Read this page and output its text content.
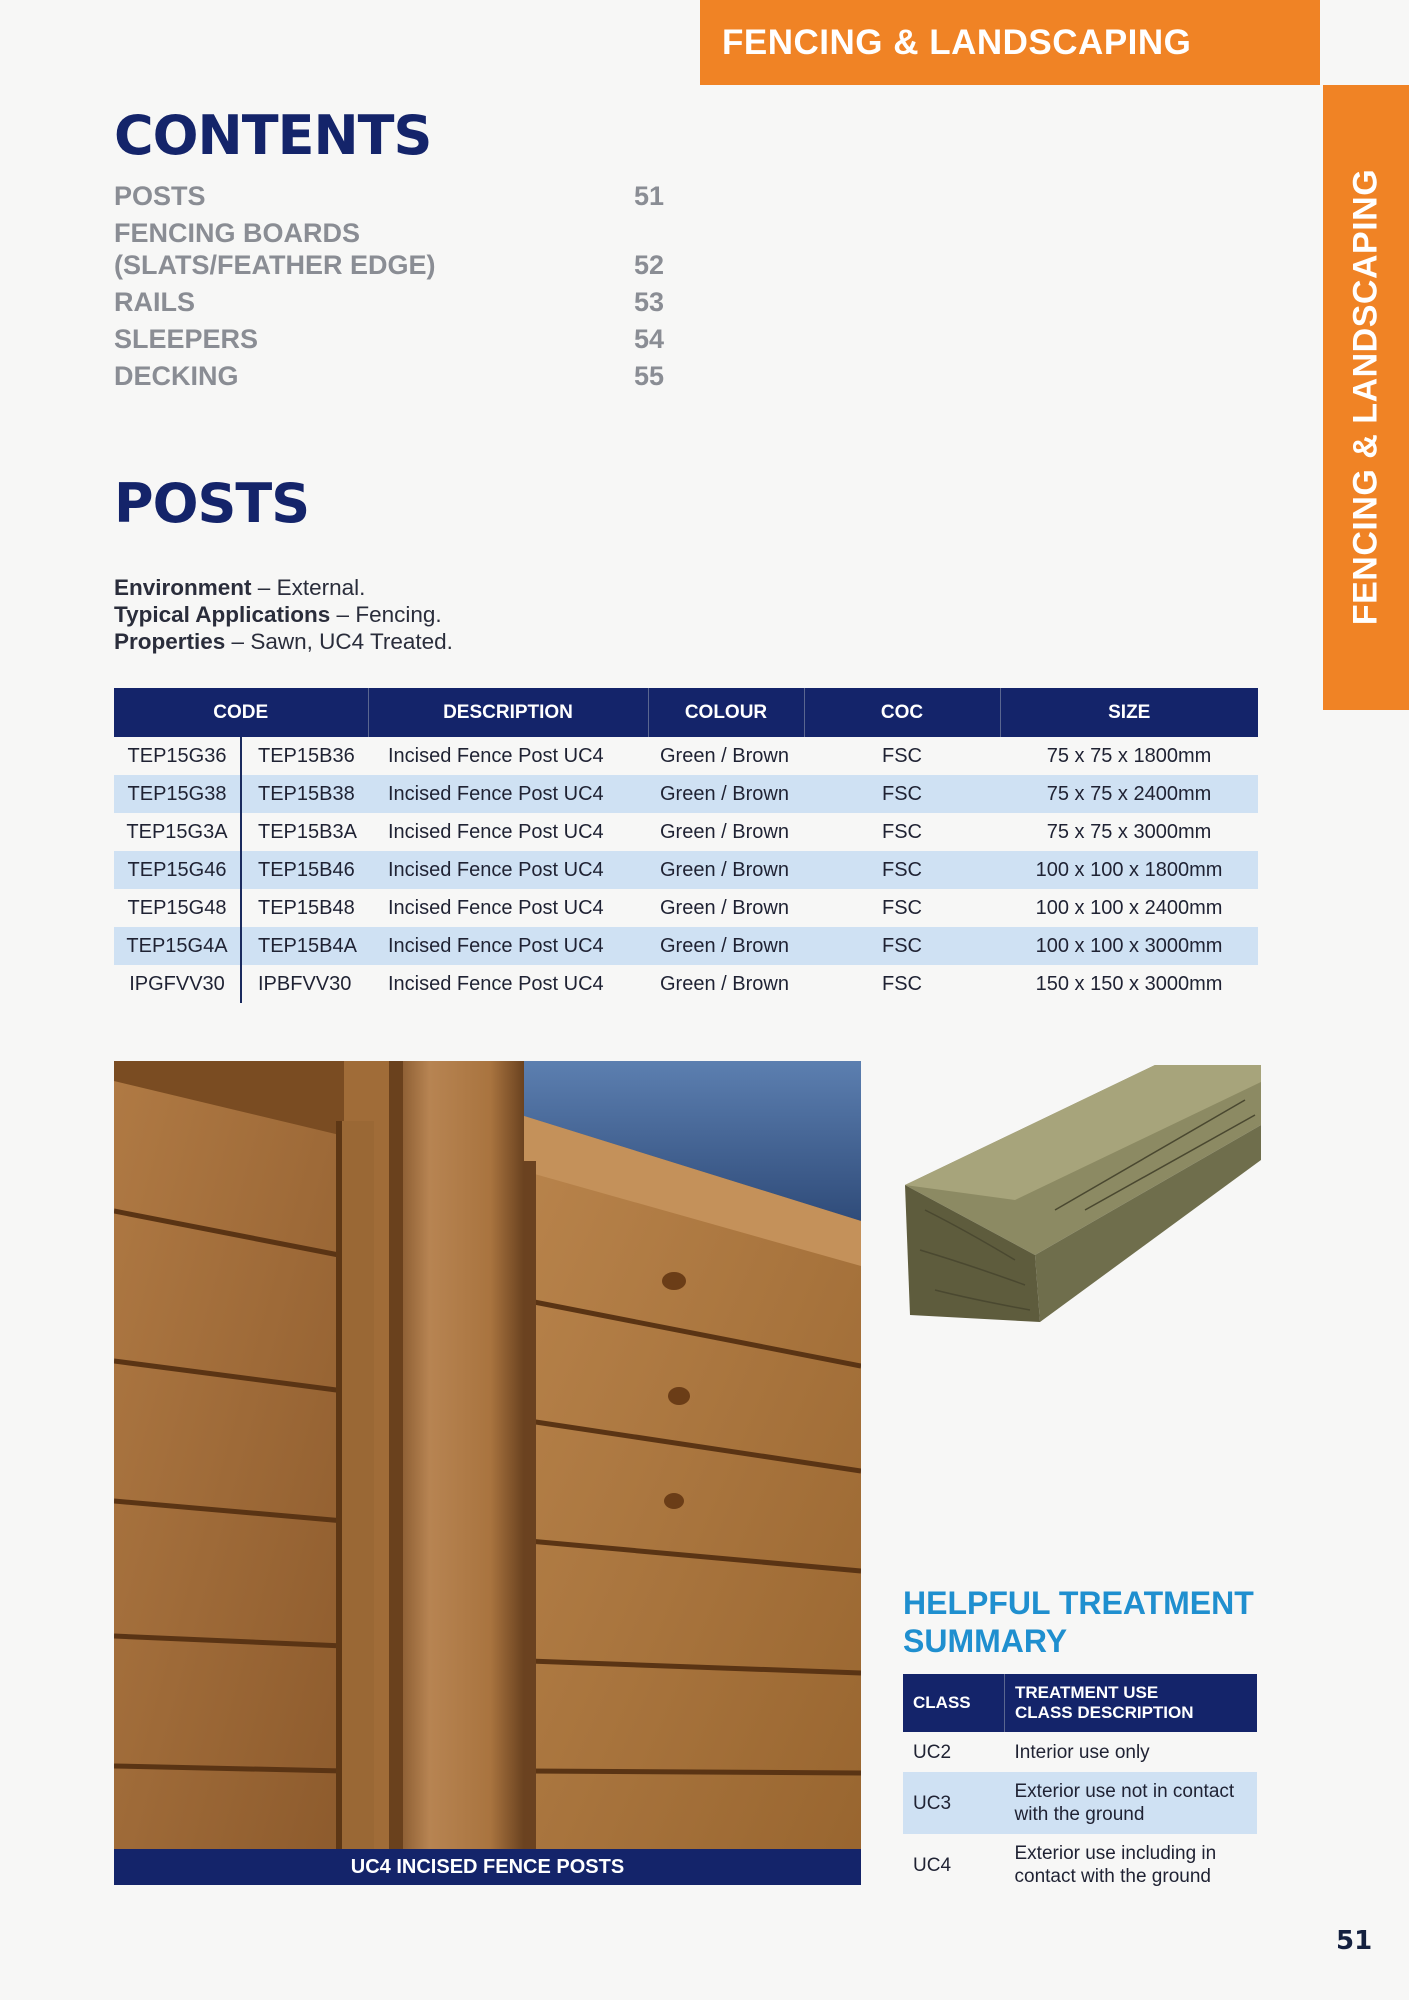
FENCING & LANDSCAPING
FENCING & LANDSCAPING
CONTENTS
POSTS	51
FENCING BOARDS
(SLATS/FEATHER EDGE)	52
RAILS	53
SLEEPERS	54
DECKING	55
POSTS
Environment – External.
Typical Applications – Fencing.
Properties – Sawn, UC4 Treated.
CODE		DESCRIPTION	COLOUR	COC	SIZE
TEP15G36	TEP15B36	Incised Fence Post UC4	Green / Brown	FSC	75 x 75 x 1800mm
TEP15G38	TEP15B38	Incised Fence Post UC4	Green / Brown	FSC	75 x 75 x 2400mm
TEP15G3A	TEP15B3A	Incised Fence Post UC4	Green / Brown	FSC	75 x 75 x 3000mm
TEP15G46	TEP15B46	Incised Fence Post UC4	Green / Brown	FSC	100 x 100 x 1800mm
TEP15G48	TEP15B48	Incised Fence Post UC4	Green / Brown	FSC	100 x 100 x 2400mm
TEP15G4A	TEP15B4A	Incised Fence Post UC4	Green / Brown	FSC	100 x 100 x 3000mm
IPGFVV30	IPBFVV30	Incised Fence Post UC4	Green / Brown	FSC	150 x 150 x 3000mm
UC4 INCISED FENCE POSTS
HELPFUL TREATMENT
SUMMARY
CLASS	TREATMENT USE
CLASS DESCRIPTION
UC2	Interior use only
UC3	Exterior use not in contact
with the ground
UC4	Exterior use including in
contact with the ground
51
